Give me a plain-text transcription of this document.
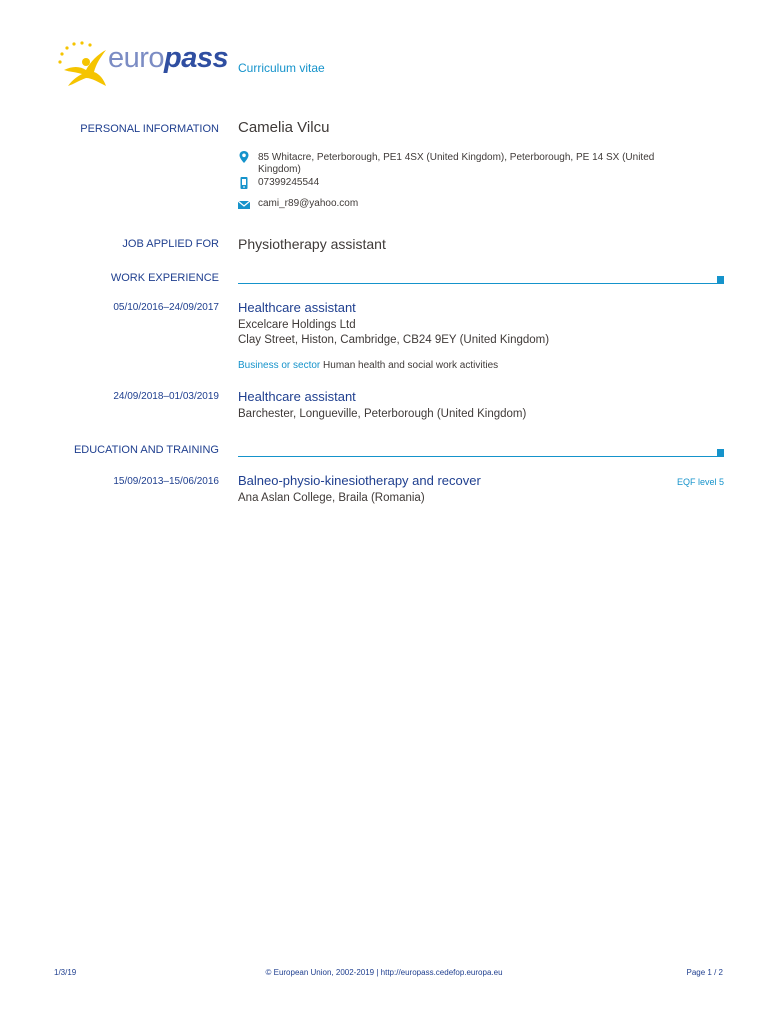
europass Curriculum vitae
PERSONAL INFORMATION Camelia Vilcu
85 Whitacre, Peterborough, PE1 4SX (United Kingdom), Peterborough, PE 14 SX (United
Kingdom)
07399245544
cami_r89@yahoo.com
JOB APPLIED FOR Physiotherapy assistant
WORK EXPERIENCE
05/10/2016–24/09/2017 Healthcare assistant
Excelcare Holdings Ltd
Clay Street, Histon, Cambridge, CB24 9EY (United Kingdom)
Business or sector Human health and social work activities
24/09/2018–01/03/2019 Healthcare assistant
Barchester, Longueville, Peterborough (United Kingdom)
EDUCATION AND TRAINING
15/09/2013–15/06/2016 Balneo-physio-kinesiotherapy and recover	EQF level 5
Ana Aslan College, Braila (Romania)
1/3/19	© European Union, 2002-2019 | http://europass.cedefop.europa.eu	Page 1 / 2
